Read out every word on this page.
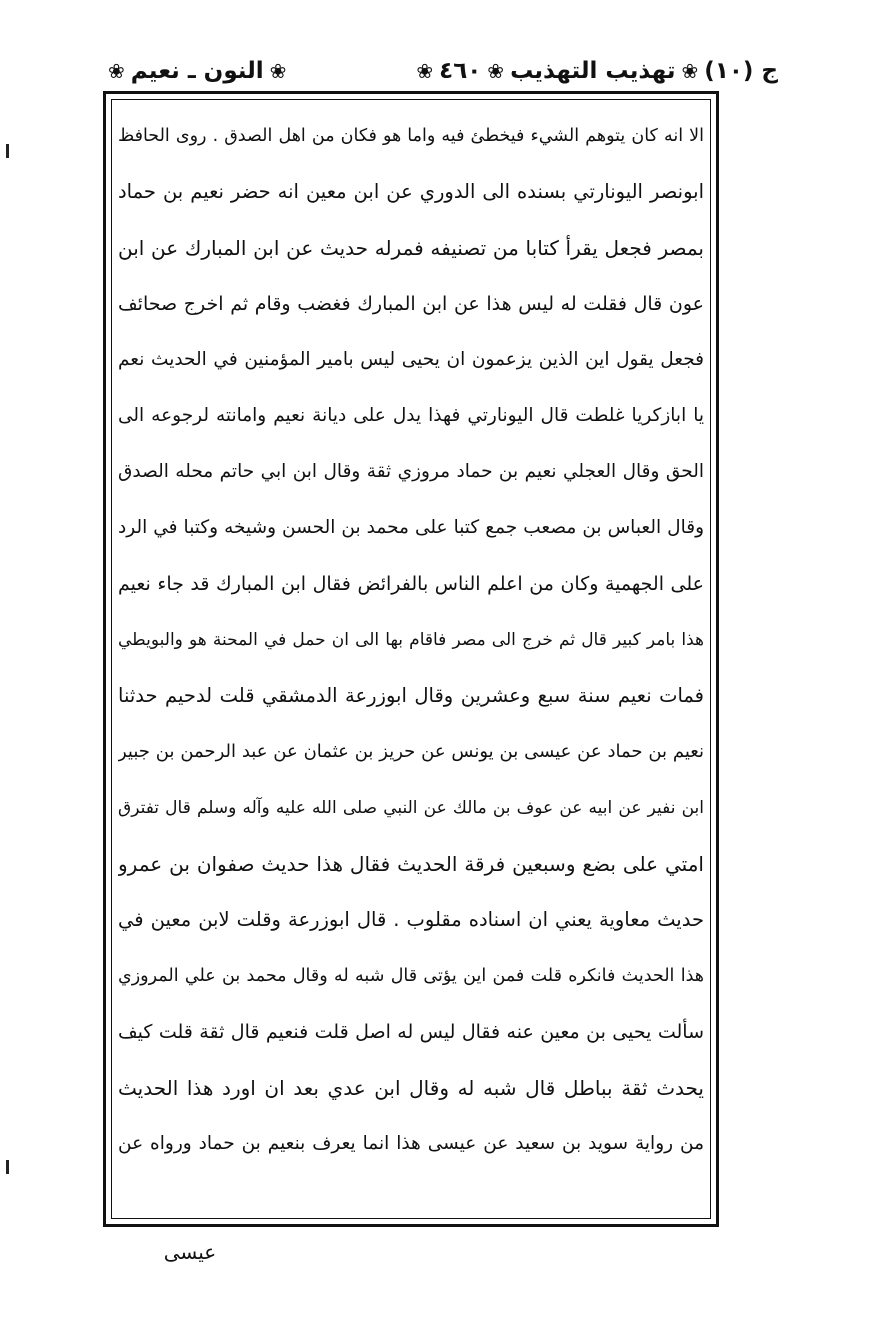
ج (١٠)
❀
تهذيب التهذيب
❀
٤٦٠
❀
❀
النون ـ نعيم
❀
الا انه كان يتوهم الشيء فيخطئ فيه واما هو فكان من اهل الصدق . روى الحافظ
ابونصر اليونارتي بسنده الى الدوري عن ابن معين انه حضر نعيم بن حماد
بمصر فجعل يقرأ كتابا من تصنيفه فمرله حديث عن ابن المبارك عن ابن
عون قال فقلت له ليس هذا عن ابن المبارك فغضب وقام ثم اخرج صحائف
فجعل يقول اين الذين يزعمون ان يحيى ليس بامير المؤمنين في الحديث نعم
يا ابازكريا غلطت قال اليونارتي فهذا يدل على ديانة نعيم وامانته لرجوعه الى
الحق وقال العجلي نعيم بن حماد مروزي ثقة وقال ابن ابي حاتم محله الصدق
وقال العباس بن مصعب جمع كتبا على محمد بن الحسن وشيخه وكتبا في الرد
على الجهمية وكان من اعلم الناس بالفرائض فقال ابن المبارك قد جاء نعيم
هذا بامر كبير قال ثم خرج الى مصر فاقام بها الى ان حمل في المحنة هو والبويطي
فمات نعيم سنة سبع وعشرين وقال ابوزرعة الدمشقي قلت لدحيم حدثنا
نعيم بن حماد عن عيسى بن يونس عن حريز بن عثمان عن عبد الرحمن بن جبير
ابن نفير عن ابيه عن عوف بن مالك عن النبي صلى الله عليه وآله وسلم قال تفترق
امتي على بضع وسبعين فرقة الحديث فقال هذا حديث صفوان بن عمرو
حديث معاوية يعني ان اسناده مقلوب . قال ابوزرعة وقلت لابن معين في
هذا الحديث فانكره قلت فمن اين يؤتى قال شبه له وقال محمد بن علي المروزي
سألت يحيى بن معين عنه فقال ليس له اصل قلت فنعيم قال ثقة قلت كيف
يحدث ثقة بباطل قال شبه له وقال ابن عدي بعد ان اورد هذا الحديث
من رواية سويد بن سعيد عن عيسى هذا انما يعرف بنعيم بن حماد ورواه عن
عيسى
